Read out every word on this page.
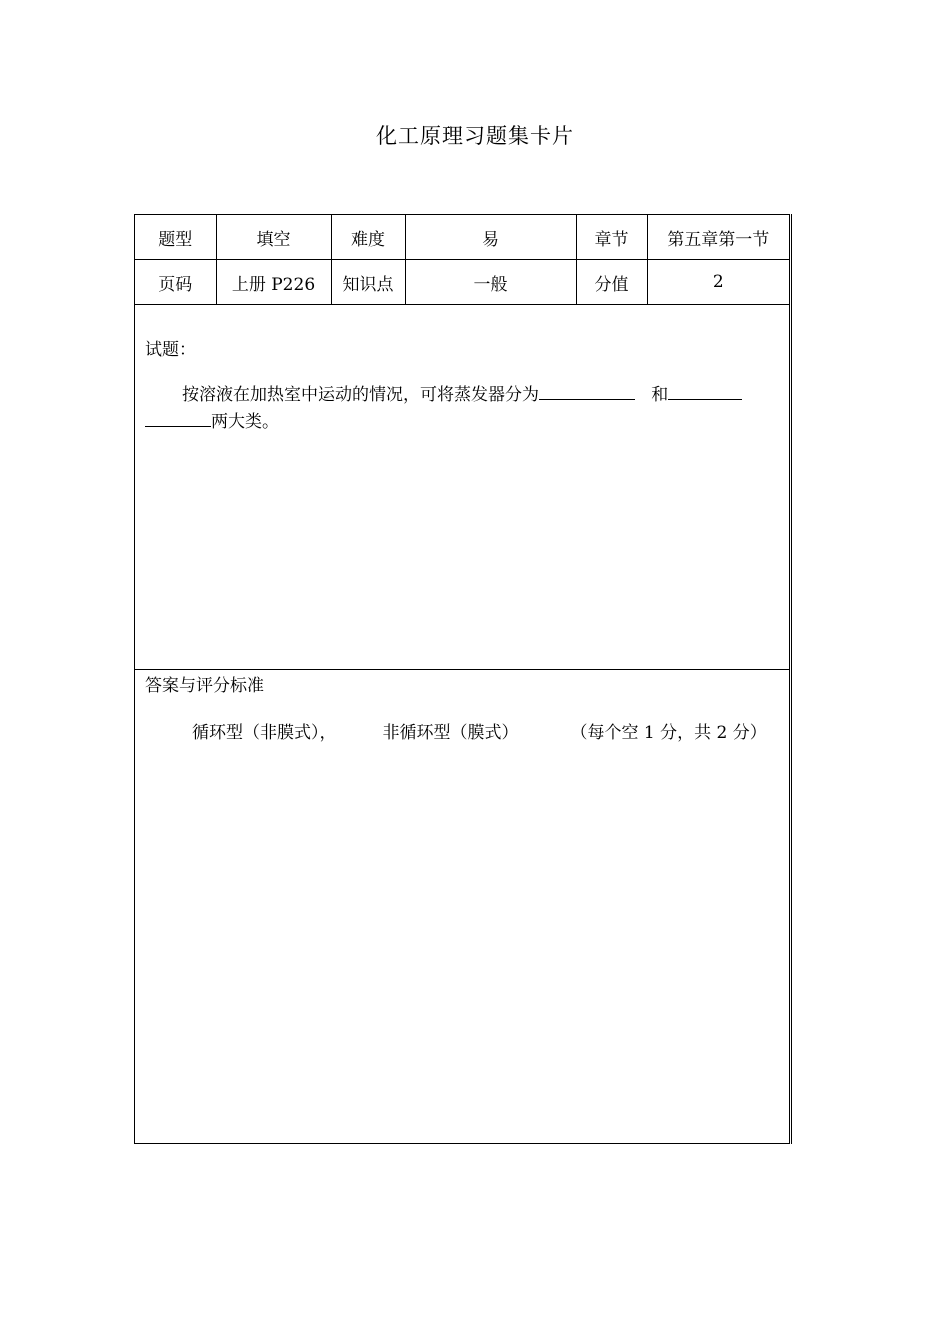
化工原理习题集卡片
题型	填空	难度	易	章节	第五章第一节
页码	上册 P226	知识点	一般	分值	2
试题：
按溶液在加热室中运动的情况，可将蒸发器分为	和
两大类。
答案与评分标准
循环型（非膜式），	非循环型（膜式）	（每个空 1 分，共 2 分）
